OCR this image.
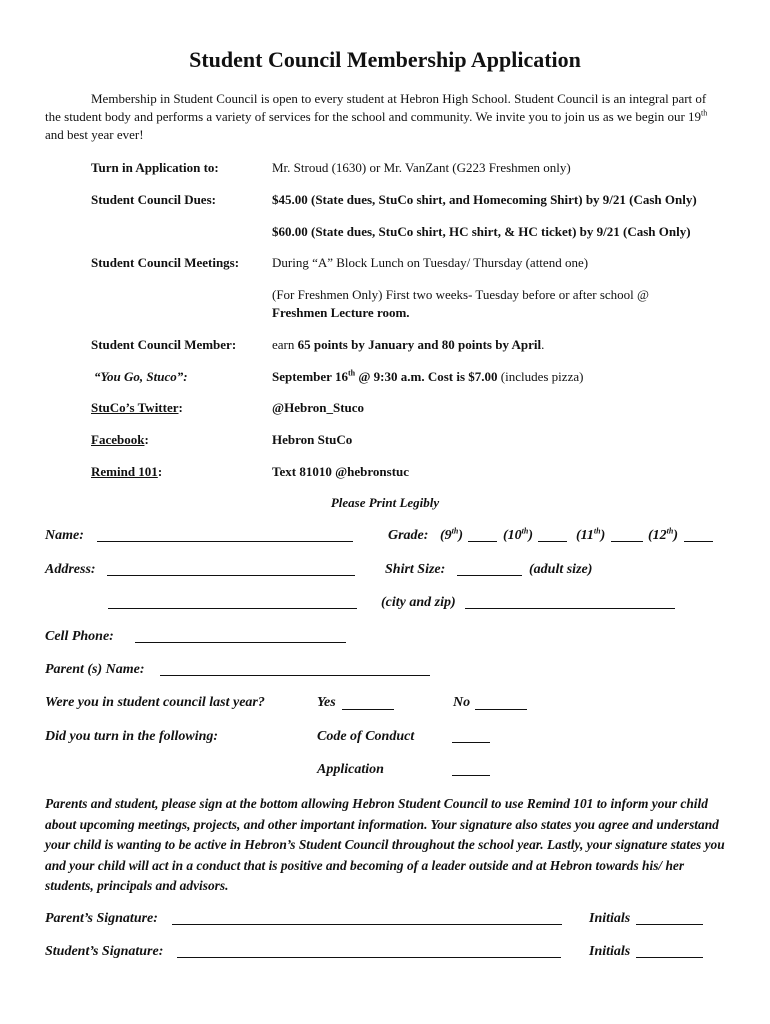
Student Council Membership Application

Membership in Student Council is open to every student at Hebron High School. Student Council is an integral part of the student body and performs a variety of services for the school and community. We invite you to join us as we begin our 19th and best year ever!

Turn in Application to:	Mr. Stroud (1630) or Mr. VanZant (G223 Freshmen only)
Student Council Dues:	$45.00 (State dues, StuCo shirt, and Homecoming Shirt) by 9/21 (Cash Only)
$60.00 (State dues, StuCo shirt, HC shirt, & HC ticket) by 9/21 (Cash Only)
Student Council Meetings:	During “A” Block Lunch on Tuesday/ Thursday (attend one)
(For Freshmen Only) First two weeks- Tuesday before or after school @
Freshmen Lecture room.
Student Council Member:	earn 65 points by January and 80 points by April.
“You Go, Stuco”:	September 16th @ 9:30 a.m. Cost is $7.00 (includes pizza)
StuCo’s Twitter:	@Hebron_Stuco
Facebook:	Hebron StuCo
Remind 101:	Text 81010 @hebronstuc
Please Print Legibly
Name:	Grade: (9th)	(10th)	(11th)	(12th)
Address:	Shirt Size:	(adult size)
(city and zip)
Cell Phone:
Parent (s) Name:
Were you in student council last year?	Yes	No
Did you turn in the following:	Code of Conduct
Application

Parents and student, please sign at the bottom allowing Hebron Student Council to use Remind 101 to inform your child about upcoming meetings, projects, and other important information. Your signature also states you agree and understand your child is wanting to be active in Hebron’s Student Council throughout the school year. Lastly, your signature states you and your child will act in a conduct that is positive and becoming of a leader outside and at Hebron towards his/ her students, principals and advisors.

Parent’s Signature:	Initials
Student’s Signature:	Initials
